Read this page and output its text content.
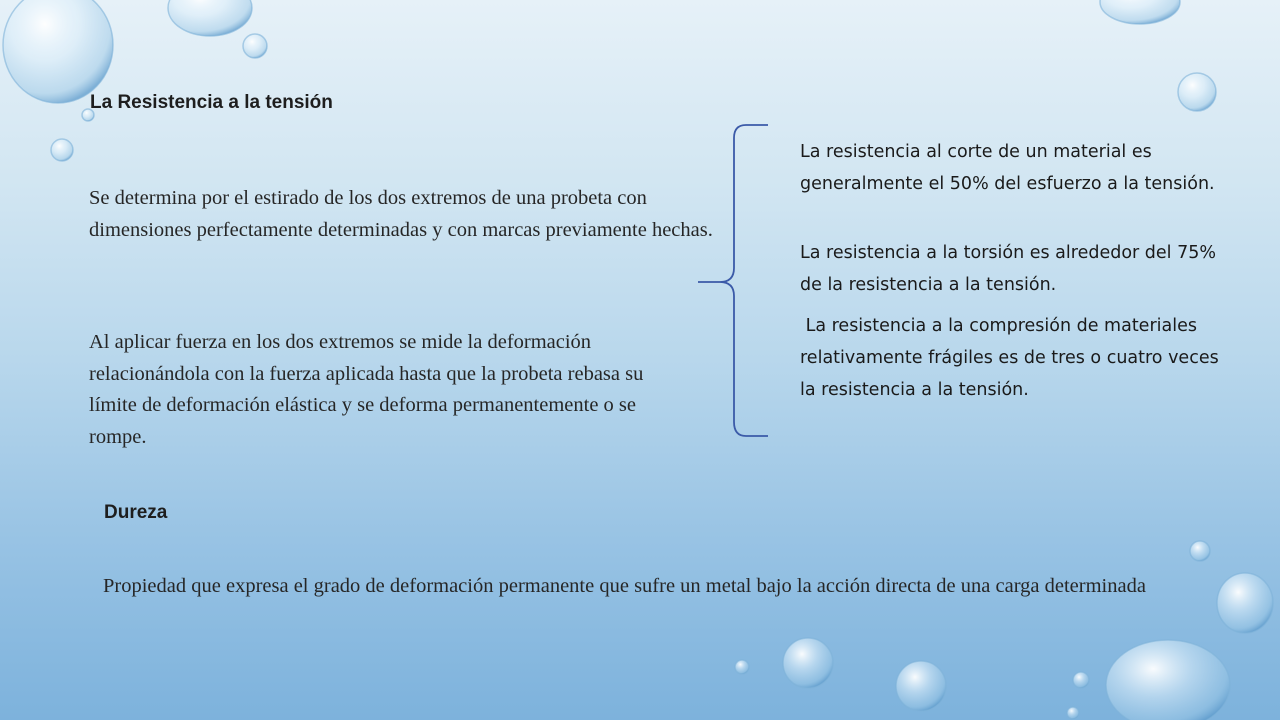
La Resistencia a la tensión

Se determina por el estirado de los dos extremos de una probeta con dimensiones perfectamente determinadas y con marcas previamente hechas.

Al aplicar fuerza en los dos extremos se mide la deformación relacionándola con la fuerza aplicada hasta que la probeta rebasa su límite de deformación elástica y se deforma permanentemente o se rompe.

La resistencia al corte de un material es generalmente el 50% del esfuerzo a la tensión.

La resistencia a la torsión es alrededor del 75% de la resistencia a la tensión.

La resistencia a la compresión de materiales relativamente frágiles es de tres o cuatro veces la resistencia a la tensión.

Dureza

Propiedad que expresa el grado de deformación permanente que sufre un metal bajo la acción directa de una carga determinada
